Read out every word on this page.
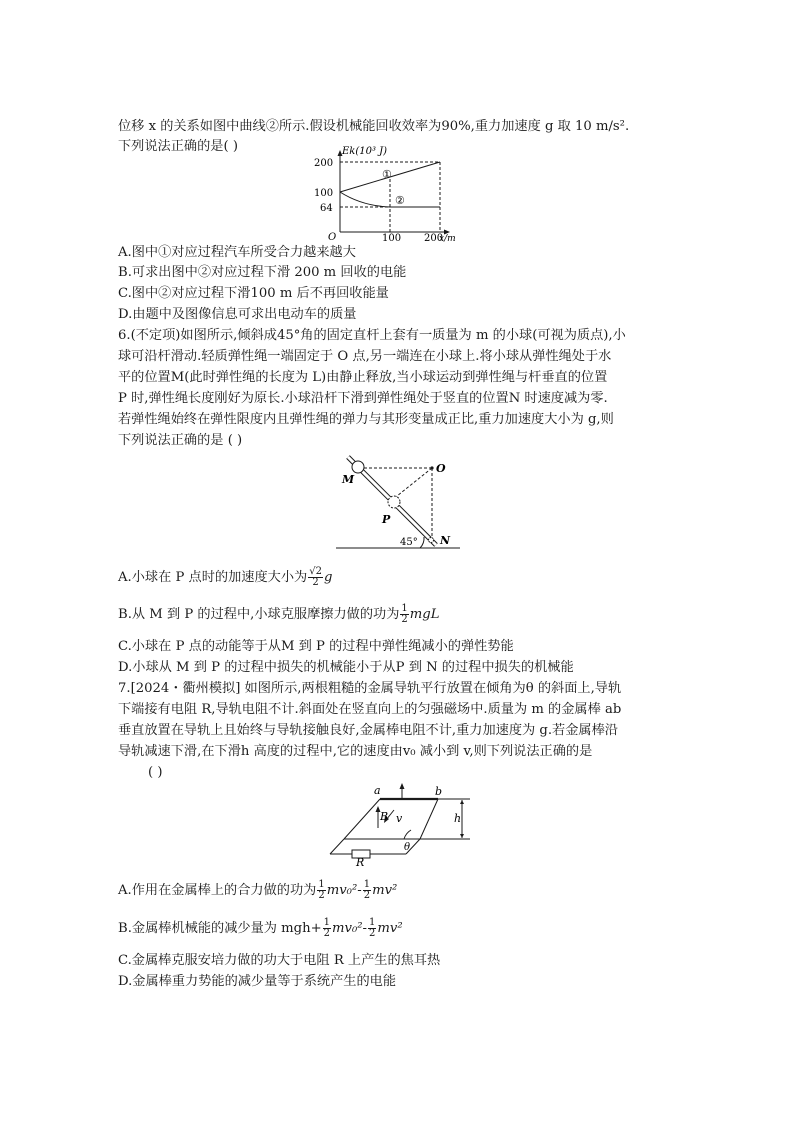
位移 x 的关系如图中曲线②所示.假设机械能回收效率为90%,重力加速度 g 取 10 m/s².
下列说法正确的是( )	Ek(10³ J)
200
100
64
O	100 200
x/m
①
②
A.图中①对应过程汽车所受合力越来越大
B.可求出图中②对应过程下滑 200 m 回收的电能
C.图中②对应过程下滑100 m 后不再回收能量
D.由题中及图像信息可求出电动车的质量
6.(不定项)如图所示,倾斜成45°角的固定直杆上套有一质量为 m 的小球(可视为质点),小
球可沿杆滑动.轻质弹性绳一端固定于 O 点,另一端连在小球上.将小球从弹性绳处于水
平的位置M(此时弹性绳的长度为 L)由静止释放,当小球运动到弹性绳与杆垂直的位置
P 时,弹性绳长度刚好为原长.小球沿杆下滑到弹性绳处于竖直的位置N 时速度减为零.
若弹性绳始终在弹性限度内且弹性绳的弹力与其形变量成正比,重力加速度大小为 g,则
下列说法正确的是 ( )
O
M
P
N
45°
A.小球在 P 点时的加速度大小为 $\frac{√2}{2}$ g
B.从 M 到 P 的过程中,小球克服摩擦力做的功为 $\frac{1}{2}$ mgL
C.小球在 P 点的动能等于从M 到 P 的过程中弹性绳减小的弹性势能
D.小球从 M 到 P 的过程中损失的机械能小于从P 到 N 的过程中损失的机械能
7.[2024・衢州模拟] 如图所示,两根粗糙的金属导轨平行放置在倾角为θ 的斜面上,导轨
下端接有电阻 R,导轨电阻不计.斜面处在竖直向上的匀强磁场中.质量为 m 的金属棒 ab
垂直放置在导轨上且始终与导轨接触良好,金属棒电阻不计,重力加速度为 g.若金属棒沿
导轨减速下滑,在下滑h 高度的过程中,它的速度由v₀ 减小到 v,则下列说法正确的是
( )
a	b
B v	h
R
θ
A.作用在金属棒上的合力做的功为 $\frac{1}{2} mv_0^2- \frac{1}{2} mv^2$
B.金属棒机械能的减少量为 $mgh+ \frac{1}{2} mv_0^2- \frac{1}{2} mv^2$
C.金属棒克服安培力做的功大于电阻 R 上产生的焦耳热
D.金属棒重力势能的减少量等于系统产生的电能
